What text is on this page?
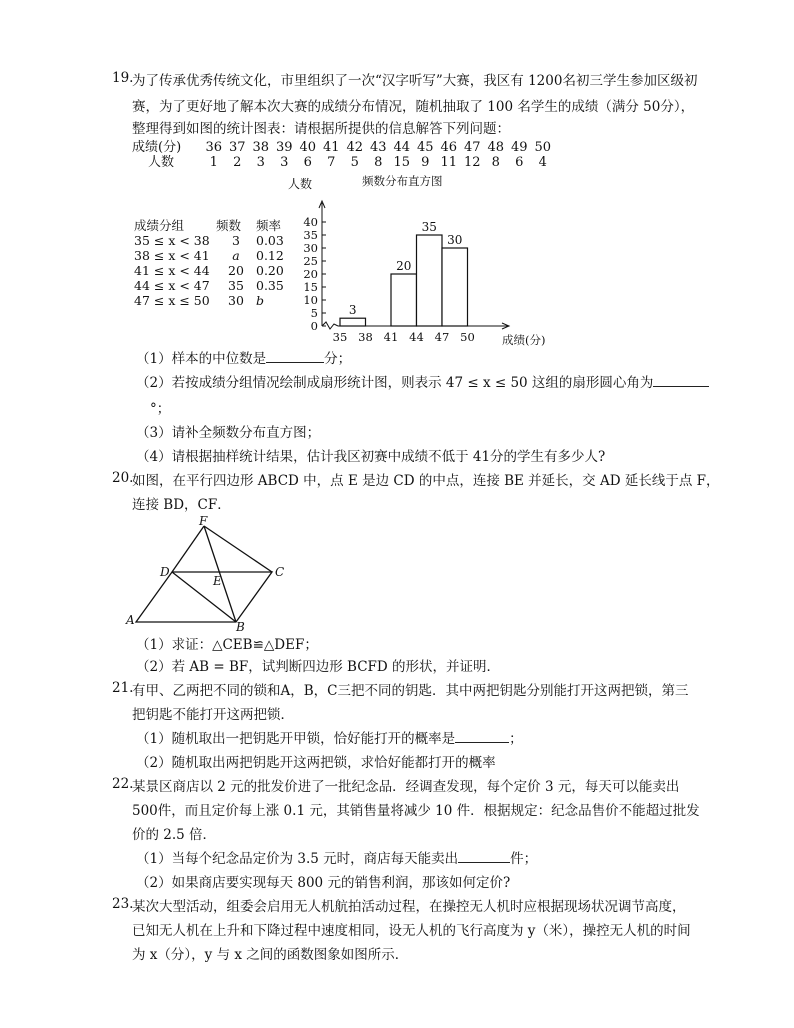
19.
为了传承优秀传统文化，市里组织了一次“汉字听写”大赛，我区有 1200名初三学生参加区级初
赛，为了更好地了解本次大赛的成绩分布情况，随机抽取了 100 名学生的成绩（满分 50分），
整理得到如图的统计图表：请根据所提供的信息解答下列问题：
成绩(分) 36 37 38 39 40 41 42 43 44 45 46 47 48 49 50
人数	1 2 3 3 6 7 5 8 15 9 11 12 8 6 4
成绩分组	频数 频率
35 ≤ x < 38 3 0.03
38 ≤ x < 41 a 0.12
41 ≤ x < 44 20 0.20
44 ≤ x < 47 35 0.35
47 ≤ x ≤ 50 30 b
频数分布直方图
人数
0
5
10
15
20
25
30
35
40
35 38 41 44 47 50 成绩(分)
3
20
35
30
（1）样本的中位数是	分；
（2）若按成绩分组情况绘制成扇形统计图，则表示 47 ≤ x ≤ 50 这组的扇形圆心角为
°；
（3）请补全频数分布直方图；
（4）请根据抽样统计结果，估计我区初赛中成绩不低于 41分的学生有多少人?
20.
如图，在平行四边形 ABCD 中，点 E 是边 CD 的中点，连接 BE 并延长，交 AD 延长线于点 F，
连接 BD，CF．
F
D
E
C
A	B
（1）求证：△CEB≌△DEF；
（2）若 AB = BF，试判断四边形 BCFD 的形状，并证明．
21.
有甲、乙两把不同的锁和A，B，C三把不同的钥匙．其中两把钥匙分别能打开这两把锁，第三
把钥匙不能打开这两把锁．
（1）随机取出一把钥匙开甲锁，恰好能打开的概率是	；
（2）随机取出两把钥匙开这两把锁，求恰好能都打开的概率
22.
某景区商店以 2 元的批发价进了一批纪念品．经调查发现，每个定价 3 元，每天可以能卖出
500件，而且定价每上涨 0.1 元，其销售量将减少 10 件．根据规定：纪念品售价不能超过批发
价的 2.5 倍．
（1）当每个纪念品定价为 3.5 元时，商店每天能卖出	件；
（2）如果商店要实现每天 800 元的销售利润，那该如何定价?
23.
某次大型活动，组委会启用无人机航拍活动过程，在操控无人机时应根据现场状况调节高度，
已知无人机在上升和下降过程中速度相同，设无人机的飞行高度为 y（米），操控无人机的时间
为 x（分），y 与 x 之间的函数图象如图所示．
